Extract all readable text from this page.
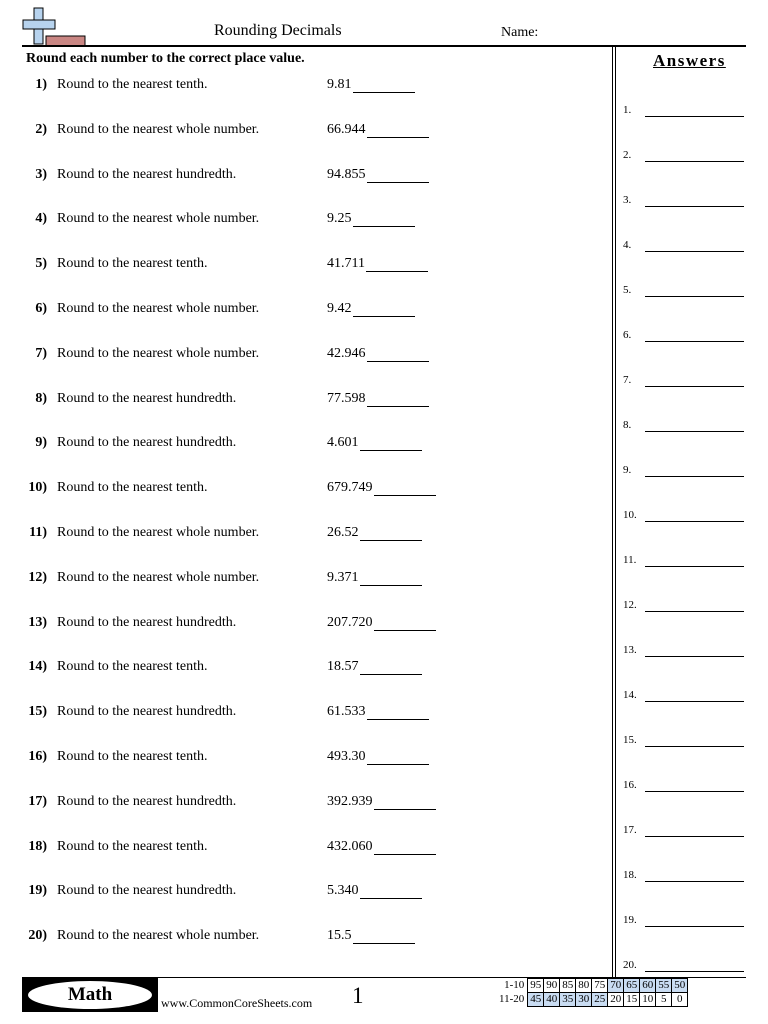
Rounding Decimals	Name:
Round each number to the correct place value.	Answers
1) Round to the nearest tenth.	9.81
2) Round to the nearest whole number.	66.944
3) Round to the nearest hundredth.	94.855
4) Round to the nearest whole number.	9.25
5) Round to the nearest tenth.	41.711
6) Round to the nearest whole number.	9.42
7) Round to the nearest whole number.	42.946
8) Round to the nearest hundredth.	77.598
9) Round to the nearest hundredth.	4.601
10) Round to the nearest tenth.	679.749
11) Round to the nearest whole number.	26.52
12) Round to the nearest whole number.	9.371
13) Round to the nearest hundredth.	207.720
14) Round to the nearest tenth.	18.57
15) Round to the nearest hundredth.	61.533
16) Round to the nearest tenth.	493.30
17) Round to the nearest hundredth.	392.939
18) Round to the nearest tenth.	432.060
19) Round to the nearest hundredth.	5.340
20) Round to the nearest whole number.	15.5
1.
2.
3.
4.
5.
6.
7.
8.
9.
10.
11.
12.
13.
14.
15.
16.
17.
18.
19.
20.
Math	www.CommonCoreSheets.com 1	1-10	95	90	85	80	75	70	65	60	55	50
11-20	45	40	35	30	25	20	15	10	5	0
